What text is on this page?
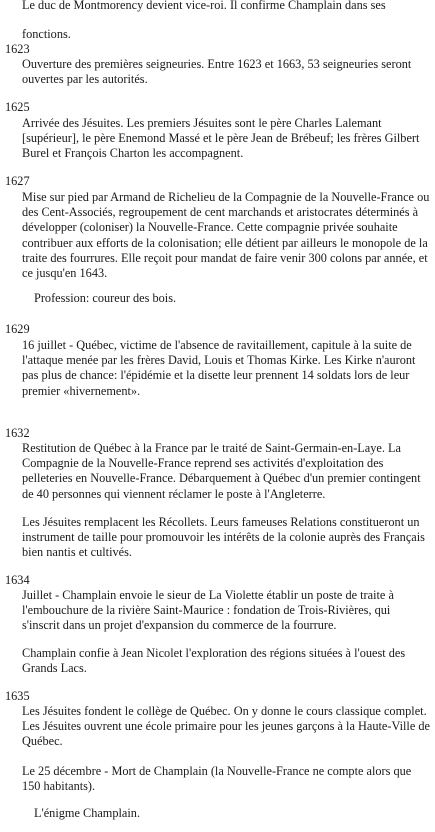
Le duc de Montmorency devient vice-roi. Il confirme Champlain dans ses

fonctions.

1623

Ouverture des premières seigneuries. Entre 1623 et 1663, 53 seigneuries seront ouvertes par les autorités.

1625

Arrivée des Jésuites. Les premiers Jésuites sont le père Charles Lalemant [supérieur], le père Enemond Massé et le père Jean de Brébeuf; les frères Gilbert Burel et François Charton les accompagnent.

1627

Mise sur pied par Armand de Richelieu de la Compagnie de la Nouvelle-France ou des Cent-Associés, regroupement de cent marchands et aristocrates déterminés à développer (coloniser) la Nouvelle-France. Cette compagnie privée souhaite contribuer aux efforts de la colonisation; elle détient par ailleurs le monopole de la traite des fourrures. Elle reçoit pour mandat de faire venir 300 colons par année, et ce jusqu'en 1643.

Profession: coureur des bois.

1629

16 juillet - Québec, victime de l'absence de ravitaillement, capitule à la suite de l'attaque menée par les frères David, Louis et Thomas Kirke. Les Kirke n'auront pas plus de chance: l'épidémie et la disette leur prennent 14 soldats lors de leur premier «hivernement».

1632

Restitution de Québec à la France par le traité de Saint-Germain-en-Laye. La Compagnie de la Nouvelle-France reprend ses activités d'exploitation des pelleteries en Nouvelle-France. Débarquement à Québec d'un premier contingent de 40 personnes qui viennent réclamer le poste à l'Angleterre.

Les Jésuites remplacent les Récollets. Leurs fameuses Relations constitueront un instrument de taille pour promouvoir les intérêts de la colonie auprès des Français bien nantis et cultivés.

1634

Juillet - Champlain envoie le sieur de La Violette établir un poste de traite à l'embouchure de la rivière Saint-Maurice : fondation de Trois-Rivières, qui s'inscrit dans un projet d'expansion du commerce de la fourrure.

Champlain confie à Jean Nicolet l'exploration des régions situées à l'ouest des Grands Lacs.

1635

Les Jésuites fondent le collège de Québec. On y donne le cours classique complet. Les Jésuites ouvrent une école primaire pour les jeunes garçons à la Haute-Ville de Québec.

Le 25 décembre - Mort de Champlain (la Nouvelle-France ne compte alors que 150 habitants).

L'énigme Champlain.
